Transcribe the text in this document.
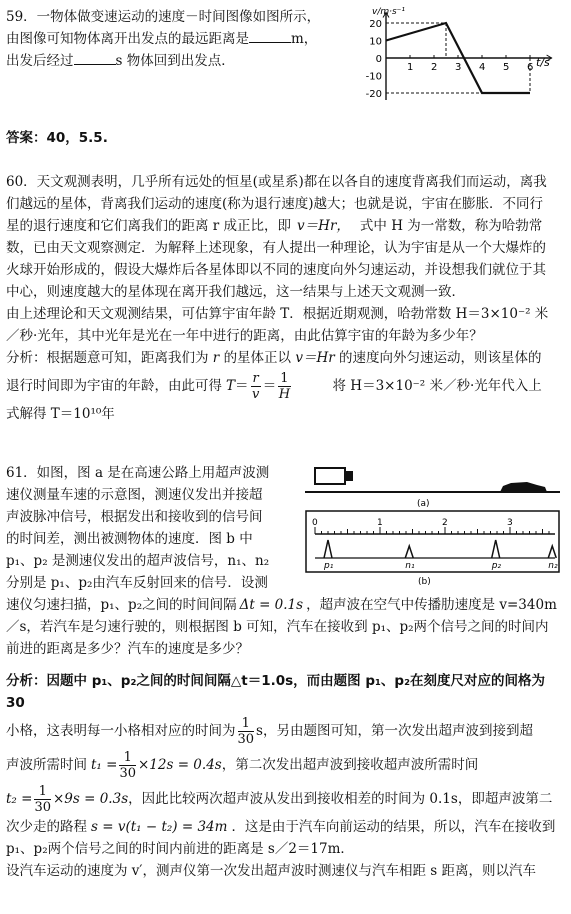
59．一物体做变速运动的速度－时间图像如图所示，

由图像可知物体离开出发点的最远距离是	m，

出发后经过	s 物体回到出发点．

v/m·s⁻¹
t/s
20
10
0
-10
-20
1 2 3 4 5 6
答案：40，5.5.

60．天文观测表明，几乎所有远处的恒星(或星系)都在以各自的速度背离我们而运动，离我

们越远的星体，背离我们运动的速度(称为退行速度)越大；也就是说，宇宙在膨胀．不同行

星的退行速度和它们离我们的距离 r 成正比，即 v＝Hr， 式中 H 为一常数，称为哈勃常

数，已由天文观察测定．为解释上述现象，有人提出一种理论，认为宇宙是从一个大爆炸的

火球开始形成的，假设大爆炸后各星体即以不同的速度向外匀速运动，并设想我们就位于其

中心，则速度越大的星体现在离开我们越远，这一结果与上述天文观测一致．

由上述理论和天文观测结果，可估算宇宙年龄 T．根据近期观测，哈勃常数 H＝3×10⁻² 米

／秒·光年，其中光年是光在一年中进行的距离，由此估算宇宙的年龄为多少年？

分析：根据题意可知，距离我们为 r 的星体正以 v＝Hr 的速度向外匀速运动，则该星体的

退行时间即为宇宙的年龄，由此可得 $T= \frac{r}{v} = \frac{1}{H}$	将 H＝3×10⁻² 米／秒·光年代入上

式解得 T＝10¹⁰年

61．如图，图 a 是在高速公路上用超声波测

速仪测量车速的示意图，测速仪发出并接超

声波脉冲信号，根据发出和接收到的信号间

的时间差，测出被测物体的速度．图 b 中

p₁、p₂ 是测速仪发出的超声波信号，n₁、n₂

分别是 p₁、p₂由汽车反射回来的信号．设测

速仪匀速扫描，p₁、p₂之间的时间间隔 Δt = 0.1s ，超声波在空气中传播肋速度是 v=340m

／s，若汽车是匀速行驶的，则根据图 b 可知，汽车在接收到 p₁、p₂两个信号之间的时间内

前进的距离是多少？汽车的速度是多少？

(a)
(b)
0	1	2	3
p₁	n₁	p₂	n₂

分析：因题中 p₁、p₂之间的时间间隔△t＝1.0s，而由题图 p₁、p₂在刻度尺对应的间格为 30

小格，这表明每一小格相对应的时间为 $\frac{1}{30}$ s，另由题图可知，第一次发出超声波到接到超

声波所需时间 $t_1 = \frac{1}{30} \times 12s = 0.4s$，第二次发出超声波到接收超声波所需时间

$t_2 = \frac{1}{30} \times 9s = 0.3s$，因此比较两次超声波从发出到接收相差的时间为 0.1s，即超声波第二

次少走的路程 s = v(t₁ − t₂) = 34m ．这是由于汽车向前运动的结果，所以，汽车在接收到

p₁、p₂两个信号之间的时间内前进的距离是 s／2＝17m．

设汽车运动的速度为 v′，测声仪第一次发出超声波时测速仪与汽车相距 s 距离，则以汽车
